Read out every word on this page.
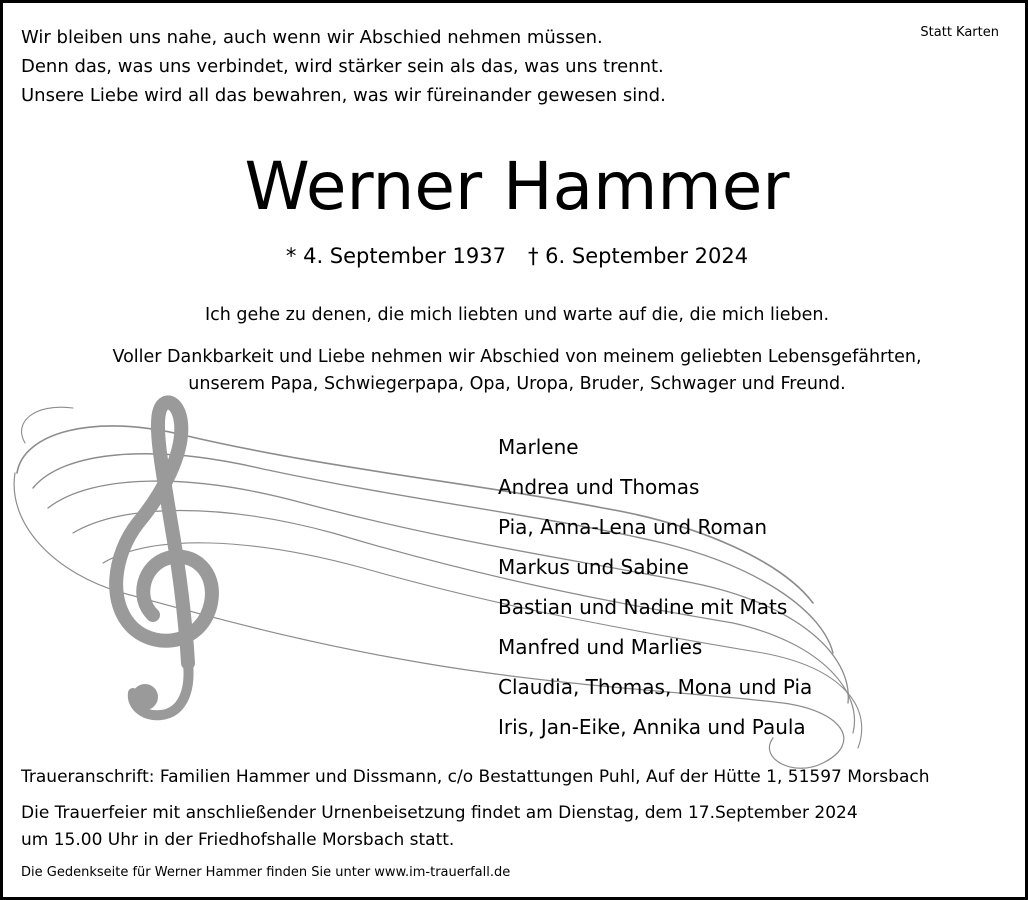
Wir bleiben uns nahe, auch wenn wir Abschied nehmen müssen.
Denn das, was uns verbindet, wird stärker sein als das, was uns trennt.
Unsere Liebe wird all das bewahren, was wir füreinander gewesen sind.
Statt Karten
Werner Hammer
* 4. September 1937 † 6. September 2024
Ich gehe zu denen, die mich liebten und warte auf die, die mich lieben.
Voller Dankbarkeit und Liebe nehmen wir Abschied von meinem geliebten Lebensgefährten,
unserem Papa, Schwiegerpapa, Opa, Uropa, Bruder, Schwager und Freund.
Marlene
Andrea und Thomas
Pia, Anna-Lena und Roman
Markus und Sabine
Bastian und Nadine mit Mats
Manfred und Marlies
Claudia, Thomas, Mona und Pia
Iris, Jan-Eike, Annika und Paula
Traueranschrift: Familien Hammer und Dissmann, c/o Bestattungen Puhl, Auf der Hütte 1, 51597 Morsbach
Die Trauerfeier mit anschließender Urnenbeisetzung findet am Dienstag, dem 17.September 2024
um 15.00 Uhr in der Friedhofshalle Morsbach statt.
Die Gedenkseite für Werner Hammer finden Sie unter www.im-trauerfall.de
